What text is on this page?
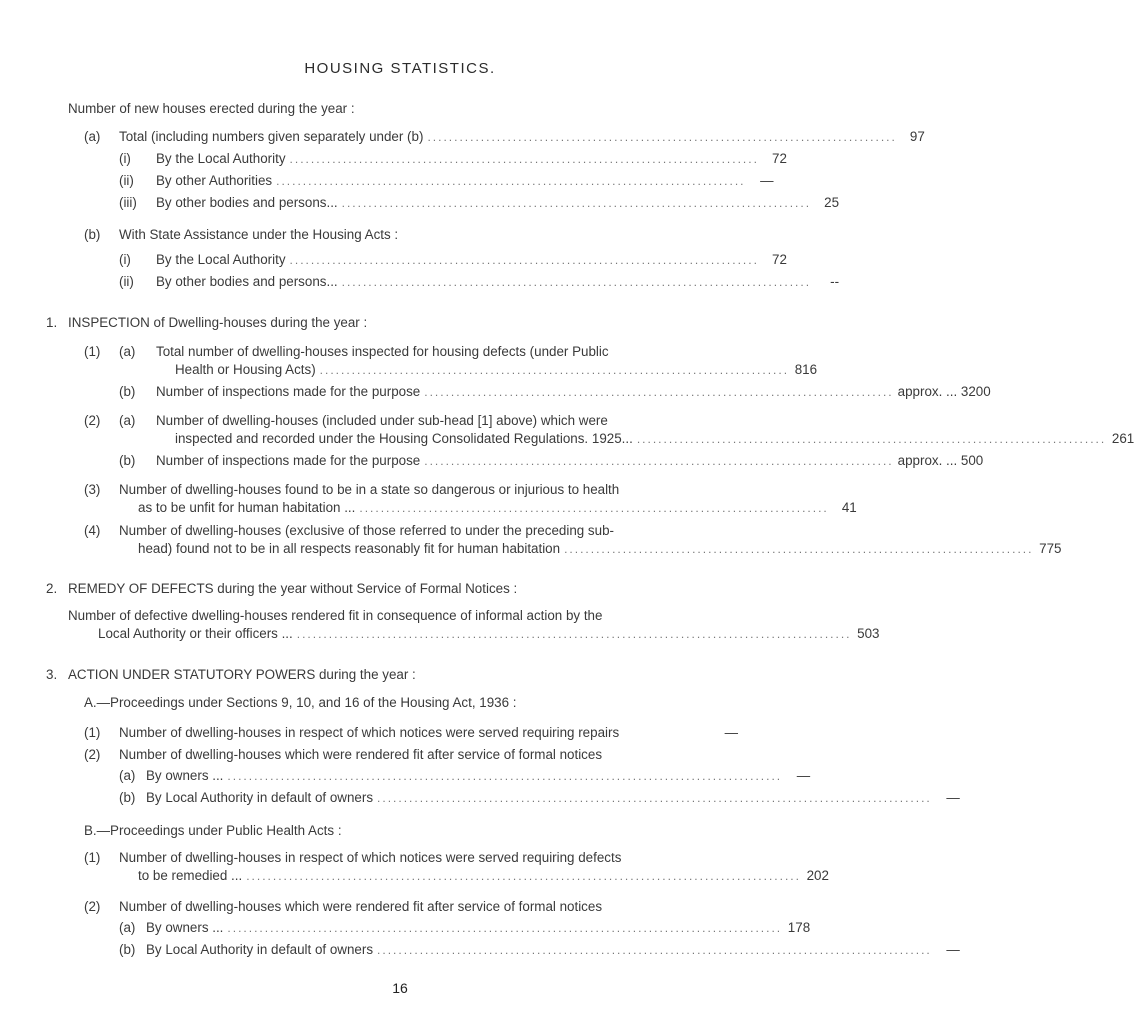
HOUSING STATISTICS.
Number of new houses erected during the year :
(a) Total (including numbers given separately under (b) ........................................................................................ 97
(i) By the Local Authority ........................................................................................ 72
(ii) By other Authorities ........................................................................................	—
(iii) By other bodies and persons... ........................................................................................ 25
(b) With State Assistance under the Housing Acts :
(i) By the Local Authority ........................................................................................ 72
(ii) By other bodies and persons... ........................................................................................	--
1. INSPECTION of Dwelling-houses during the year :
(1) (a) Total number of dwelling-houses inspected for housing defects (under Public
Health or Housing Acts) ........................................................................................ 816
(b) Number of inspections made for the purpose ........................................................................................ approx. ... 3200
(2) (a) Number of dwelling-houses (included under sub-head [1] above) which were
inspected and recorded under the Housing Consolidated Regulations. 1925... ........................................................................................ 261
(b) Number of inspections made for the purpose ........................................................................................ approx. ... 500
(3) Number of dwelling-houses found to be in a state so dangerous or injurious to health
as to be unfit for human habitation ... ........................................................................................ 41
(4) Number of dwelling-houses (exclusive of those referred to under the preceding sub-
head) found not to be in all respects reasonably fit for human habitation ........................................................................................ 775
2. REMEDY OF DEFECTS during the year without Service of Formal Notices :
Number of defective dwelling-houses rendered fit in consequence of informal action by the
Local Authority or their officers ... ........................................................................................................ 503
3. ACTION UNDER STATUTORY POWERS during the year :
A.—Proceedings under Sections 9, 10, and 16 of the Housing Act, 1936 :
(1) Number of dwelling-houses in respect of which notices were served requiring repairs	—
(2) Number of dwelling-houses which were rendered fit after service of formal notices
(a) By owners ... ........................................................................................................	—
(b) By Local Authority in default of owners ........................................................................................................	—
B.—Proceedings under Public Health Acts :
(1) Number of dwelling-houses in respect of which notices were served requiring defects
to be remedied ... ........................................................................................................ 202
(2) Number of dwelling-houses which were rendered fit after service of formal notices
(a) By owners ... ........................................................................................................ 178
(b) By Local Authority in default of owners ........................................................................................................	—
16
